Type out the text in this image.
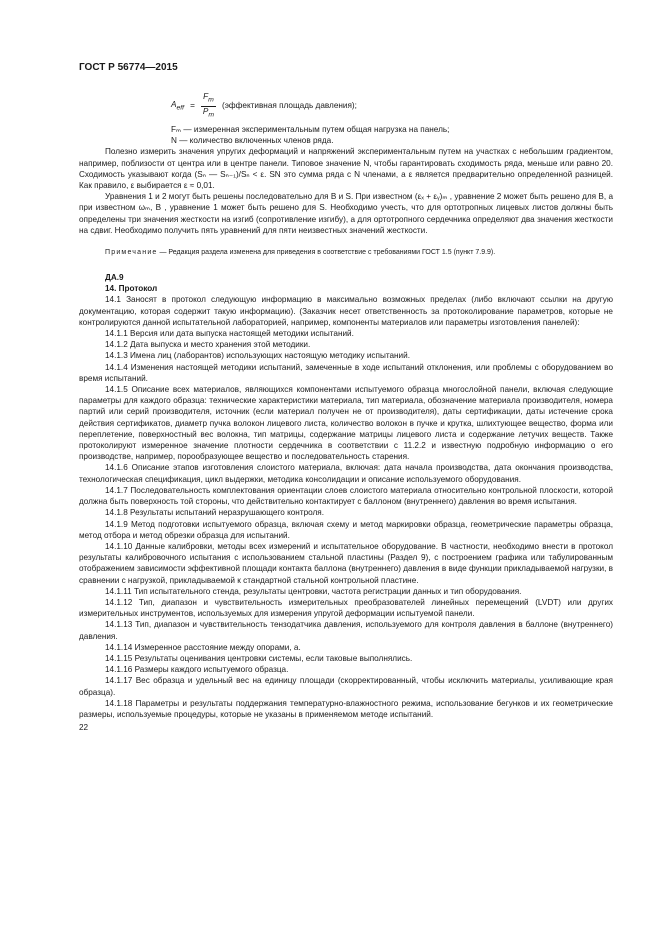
ГОСТ Р 56774—2015
$A_{eff} = \frac{F_m}{P_m}$ (эффективная площадь давления);

Fₘ — измеренная экспериментальным путем общая нагрузка на панель;

N — количество включенных членов ряда.

Полезно измерить значения упругих деформаций и напряжений экспериментальным путем на участках с небольшим градиентом, например, поблизости от центра или в центре панели. Типовое значение N, чтобы гарантировать сходимость ряда, меньше или равно 20. Сходимость указывают когда (Sₙ — Sₙ₋₁)/Sₙ < ε. SN это сумма ряда с N членами, а ε является предварительно определенной разницей. Как правило, ε выбирается ε ≈ 0,01.

Уравнения 1 и 2 могут быть решены последовательно для B и S. При известном (εₓ + εᵧ)ₘ , уравнение 2 может быть решено для B, а при известном ωₘ, B , уравнение 1 может быть решено для S. Необходимо учесть, что для ортотропных лицевых листов должны быть определены три значения жесткости на изгиб (сопротивление изгибу), а для ортотропного сердечника определяют два значения жесткости на сдвиг. Необходимо получить пять уравнений для пяти неизвестных значений жесткости.

Примечание — Редакция раздела изменена для приведения в соответствие с требованиями ГОСТ 1.5 (пункт 7.9.9).

ДА.9

14. Протокол

14.1 Заносят в протокол следующую информацию в максимально возможных пределах (либо включают ссылки на другую документацию, которая содержит такую информацию). (Заказчик несет ответственность за протоколирование параметров, которые не контролируются данной испытательной лабораторией, например, компоненты материалов или параметры изготовления панелей):

14.1.1 Версия или дата выпуска настоящей методики испытаний.

14.1.2 Дата выпуска и место хранения этой методики.

14.1.3 Имена лиц (лаборантов) использующих настоящую методику испытаний.

14.1.4 Изменения настоящей методики испытаний, замеченные в ходе испытаний отклонения, или проблемы с оборудованием во время испытаний.

14.1.5 Описание всех материалов, являющихся компонентами испытуемого образца многослойной панели, включая следующие параметры для каждого образца: технические характеристики материала, тип материала, обозначение материала производителя, номера партий или серий производителя, источник (если материал получен не от производителя), даты сертификации, даты истечение срока действия сертификатов, диаметр пучка волокон лицевого листа, количество волокон в пучке и крутка, шлихтующее вещество, форма или переплетение, поверхностный вес волокна, тип матрицы, содержание матрицы лицевого листа и содержание летучих веществ. Также протоколируют измеренное значение плотности сердечника в соответствии с 11.2.2 и известную подробную информацию о его производстве, например, порообразующее вещество и последовательность старения.

14.1.6 Описание этапов изготовления слоистого материала, включая: дата начала производства, дата окончания производства, технологическая спецификация, цикл выдержки, методика консолидации и описание используемого оборудования.

14.1.7 Последовательность комплектования ориентации слоев слоистого материала относительно контрольной плоскости, которой должна быть поверхность той стороны, что действительно контактирует с баллоном (внутреннего) давления во время испытания.

14.1.8 Результаты испытаний неразрушающего контроля.

14.1.9 Метод подготовки испытуемого образца, включая схему и метод маркировки образца, геометрические параметры образца, метод отбора и метод обрезки образца для испытаний.

14.1.10 Данные калибровки, методы всех измерений и испытательное оборудование. В частности, необходимо внести в протокол результаты калибровочного испытания с использованием стальной пластины (Раздел 9), с построением графика или табулированным отображением зависимости эффективной площади контакта баллона (внутреннего) давления в виде функции прикладываемой нагрузки, в сравнении с нагрузкой, прикладываемой к стандартной стальной контрольной пластине.

14.1.11 Тип испытательного стенда, результаты центровки, частота регистрации данных и тип оборудования.

14.1.12 Тип, диапазон и чувствительность измерительных преобразователей линейных перемещений (LVDT) или других измерительных инструментов, используемых для измерения упругой деформации испытуемой панели.

14.1.13 Тип, диапазон и чувствительность тензодатчика давления, используемого для контроля давления в баллоне (внутреннего) давления.

14.1.14 Измеренное расстояние между опорами, a.

14.1.15 Результаты оценивания центровки системы, если таковые выполнялись.

14.1.16 Размеры каждого испытуемого образца.

14.1.17 Вес образца и удельный вес на единицу площади (скорректированный, чтобы исключить материалы, усиливающие края образца).

14.1.18 Параметры и результаты поддержания температурно-влажностного режима, использование бегунков и их геометрические размеры, используемые процедуры, которые не указаны в применяемом методе испытаний.

22
